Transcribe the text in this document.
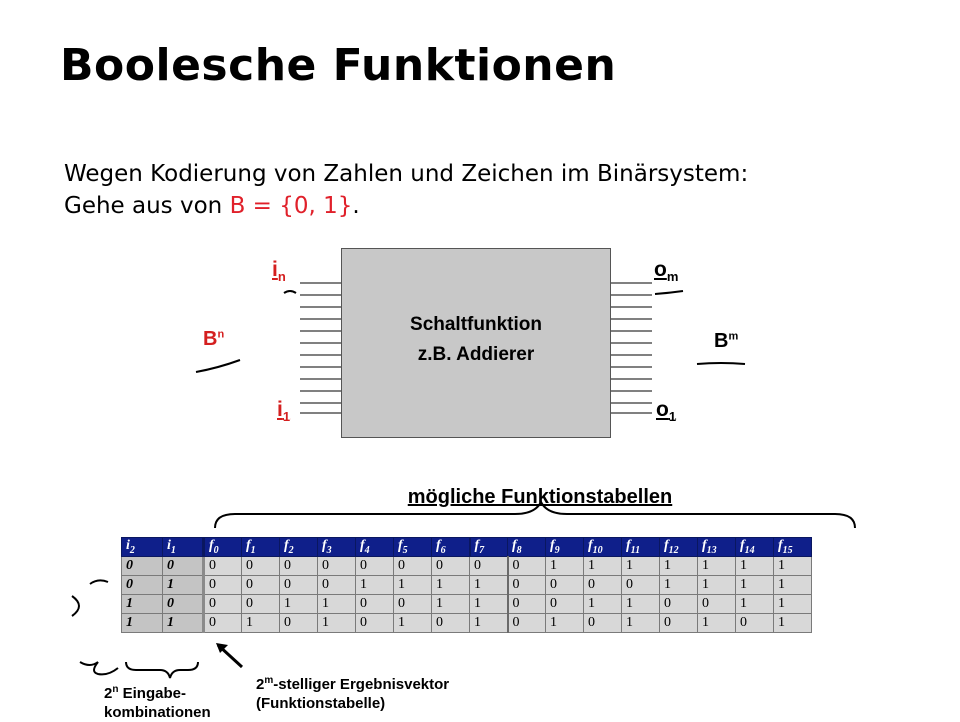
Boolesche Funktionen
Wegen Kodierung von Zahlen und Zeichen im Binärsystem:
Gehe aus von B = {0, 1}.
Schaltfunktion
z.B. Addierer
$i_n$
$i_1$
$o_m$
$o_1$
$B^n$	$B^m$
mögliche Funktionstabellen
$i_2$	$i_1$	$f_0$	$f_1$	$f_2$	$f_3$	$f_4$	$f_5$	$f_6$	$f_7$	$f_8$	$f_9$	$f_{10}$	$f_{11}$	$f_{12}$	$f_{13}$	$f_{14}$	$f_{15}$
0	0	0	0	0	0	0	0	0	0	0	1	1	1	1	1	1	1
0	1	0	0	0	0	1	1	1	1	0	0	0	0	1	1	1	1
1	0	0	0	1	1	0	0	1	1	0	0	1	1	0	0	1	1
1	1	0	1	0	1	0	1	0	1	0	1	0	1	0	1	0	1
2$^n$ Eingabe-
kombinationen
2$^m$-stelliger Ergebnisvektor
(Funktionstabelle)
